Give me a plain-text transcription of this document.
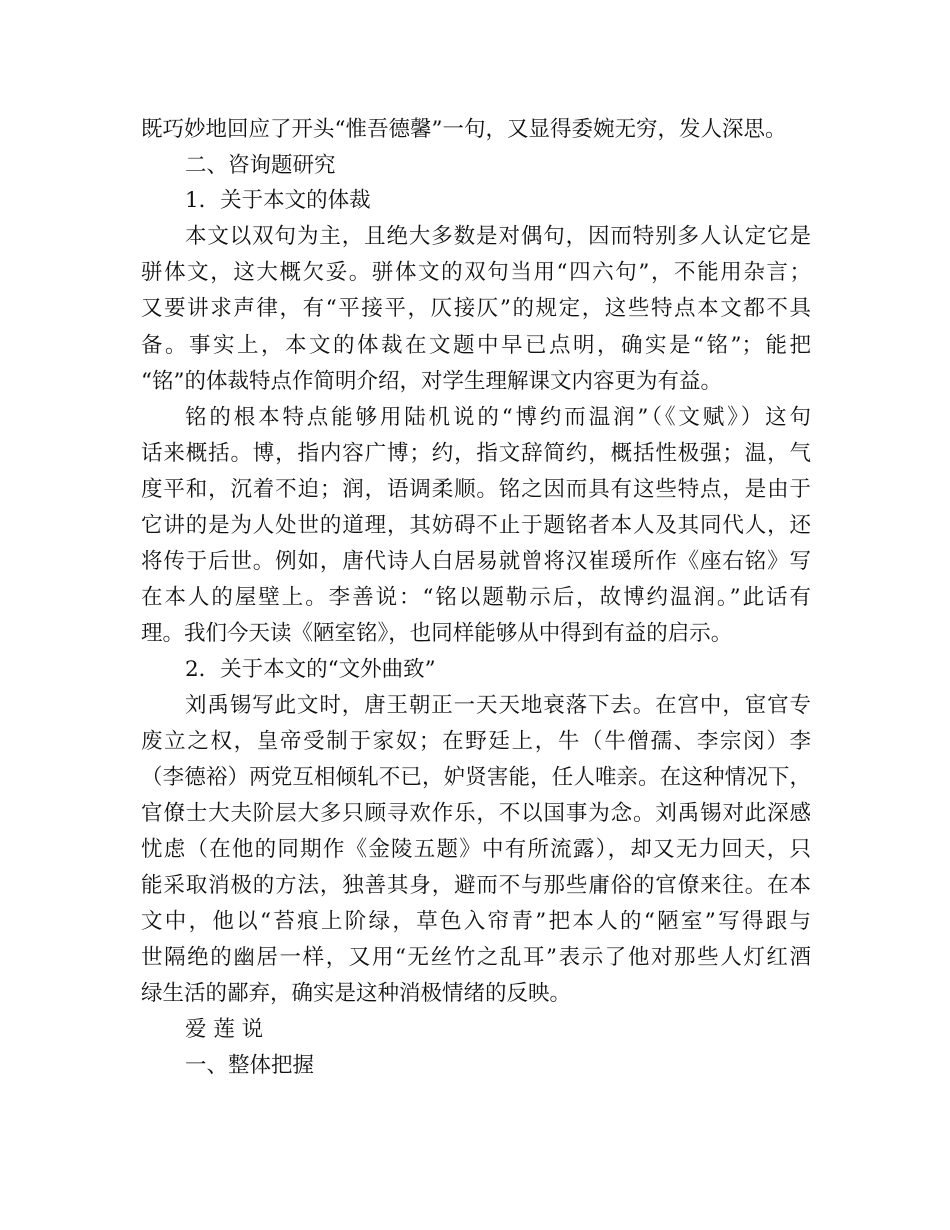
既巧妙地回应了开头“惟吾德馨”一句，又显得委婉无穷，发人深思。
二、咨询题研究
1．关于本文的体裁
本文以双句为主，且绝大多数是对偶句，因而特别多人认定它是
骈体文，这大概欠妥。骈体文的双句当用“四六句”，不能用杂言；
又要讲求声律，有“平接平，仄接仄”的规定，这些特点本文都不具
备。事实上，本文的体裁在文题中早已点明，确实是“铭”；能把
“铭”的体裁特点作简明介绍，对学生理解课文内容更为有益。
铭的根本特点能够用陆机说的“博约而温润”（《文赋》）这句
话来概括。博，指内容广博；约，指文辞简约，概括性极强；温，气
度平和，沉着不迫；润，语调柔顺。铭之因而具有这些特点，是由于
它讲的是为人处世的道理，其妨碍不止于题铭者本人及其同代人，还
将传于后世。例如，唐代诗人白居易就曾将汉崔瑗所作《座右铭》写
在本人的屋壁上。李善说：“铭以题勒示后，故博约温润。”此话有
理。我们今天读《陋室铭》，也同样能够从中得到有益的启示。
2．关于本文的“文外曲致”
刘禹锡写此文时，唐王朝正一天天地衰落下去。在宫中，宦官专
废立之权，皇帝受制于家奴；在野廷上，牛（牛僧孺、李宗闵）李
（李德裕）两党互相倾轧不已，妒贤害能，任人唯亲。在这种情况下，
官僚士大夫阶层大多只顾寻欢作乐，不以国事为念。刘禹锡对此深感
忧虑（在他的同期作《金陵五题》中有所流露），却又无力回天，只
能采取消极的方法，独善其身，避而不与那些庸俗的官僚来往。在本
文中，他以“苔痕上阶绿，草色入帘青”把本人的“陋室”写得跟与
世隔绝的幽居一样，又用“无丝竹之乱耳”表示了他对那些人灯红酒
绿生活的鄙弃，确实是这种消极情绪的反映。
爱 莲 说
一、整体把握
